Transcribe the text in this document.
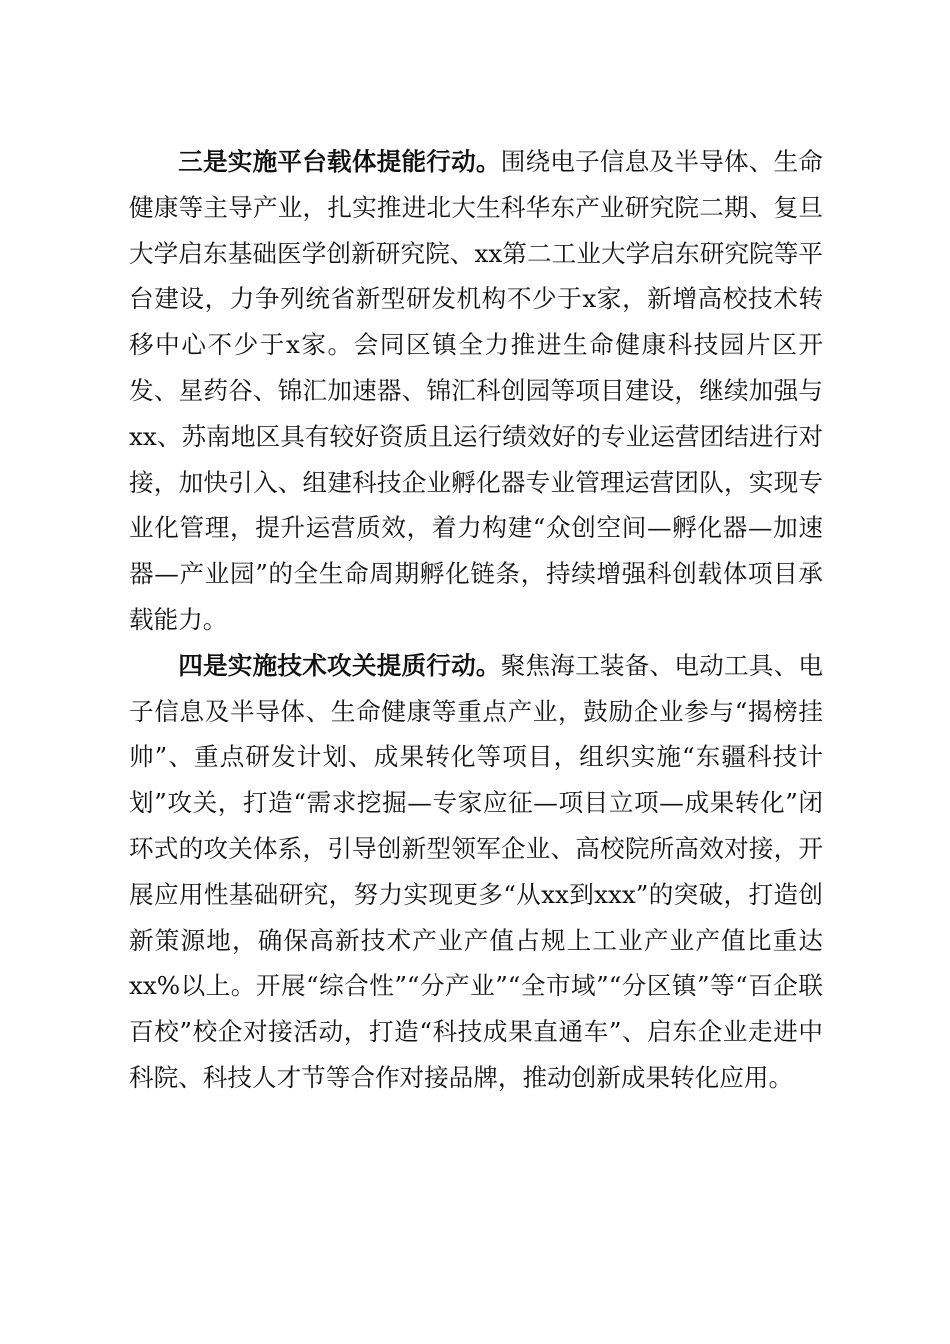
三是实施平台载体提能行动。围绕电子信息及半导体、生命健康等主导产业，扎实推进北大生科华东产业研究院二期、复旦大学启东基础医学创新研究院、xx第二工业大学启东研究院等平台建设，力争列统省新型研发机构不少于x家，新增高校技术转移中心不少于x家。会同区镇全力推进生命健康科技园片区开发、星药谷、锦汇加速器、锦汇科创园等项目建设，继续加强与xx、苏南地区具有较好资质且运行绩效好的专业运营团结进行对接，加快引入、组建科技企业孵化器专业管理运营团队，实现专业化管理，提升运营质效，着力构建“众创空间—孵化器—加速器—产业园”的全生命周期孵化链条，持续增强科创载体项目承载能力。

四是实施技术攻关提质行动。聚焦海工装备、电动工具、电子信息及半导体、生命健康等重点产业，鼓励企业参与“揭榜挂帅”、重点研发计划、成果转化等项目，组织实施“东疆科技计划”攻关，打造“需求挖掘—专家应征—项目立项—成果转化”闭环式的攻关体系，引导创新型领军企业、高校院所高效对接，开展应用性基础研究，努力实现更多“从xx到xxx”的突破，打造创新策源地，确保高新技术产业产值占规上工业产业产值比重达xx%以上。开展“综合性”“分产业”“全市域”“分区镇”等“百企联百校”校企对接活动，打造“科技成果直通车”、启东企业走进中科院、科技人才节等合作对接品牌，推动创新成果转化应用。
